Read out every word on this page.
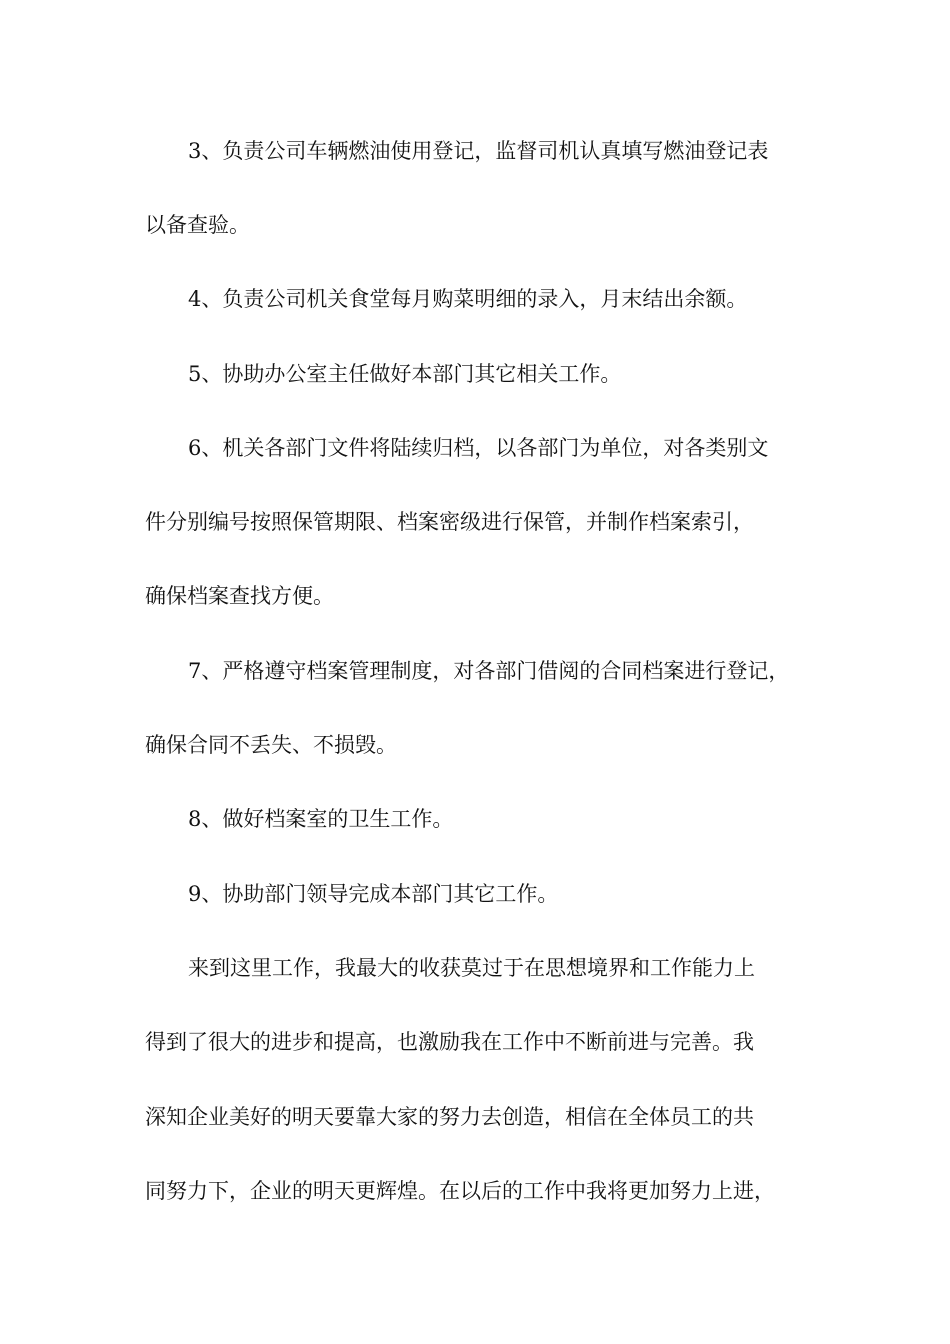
3、负责公司车辆燃油使用登记，监督司机认真填写燃油登记表
以备查验。
4、负责公司机关食堂每月购菜明细的录入，月末结出余额。
5、协助办公室主任做好本部门其它相关工作。
6、机关各部门文件将陆续归档，以各部门为单位，对各类别文
件分别编号按照保管期限、档案密级进行保管，并制作档案索引，
确保档案查找方便。
7、严格遵守档案管理制度，对各部门借阅的合同档案进行登记，
确保合同不丢失、不损毁。
8、做好档案室的卫生工作。
9、协助部门领导完成本部门其它工作。
来到这里工作，我最大的收获莫过于在思想境界和工作能力上
得到了很大的进步和提高，也激励我在工作中不断前进与完善。我
深知企业美好的明天要靠大家的努力去创造，相信在全体员工的共
同努力下，企业的明天更辉煌。在以后的工作中我将更加努力上进，
